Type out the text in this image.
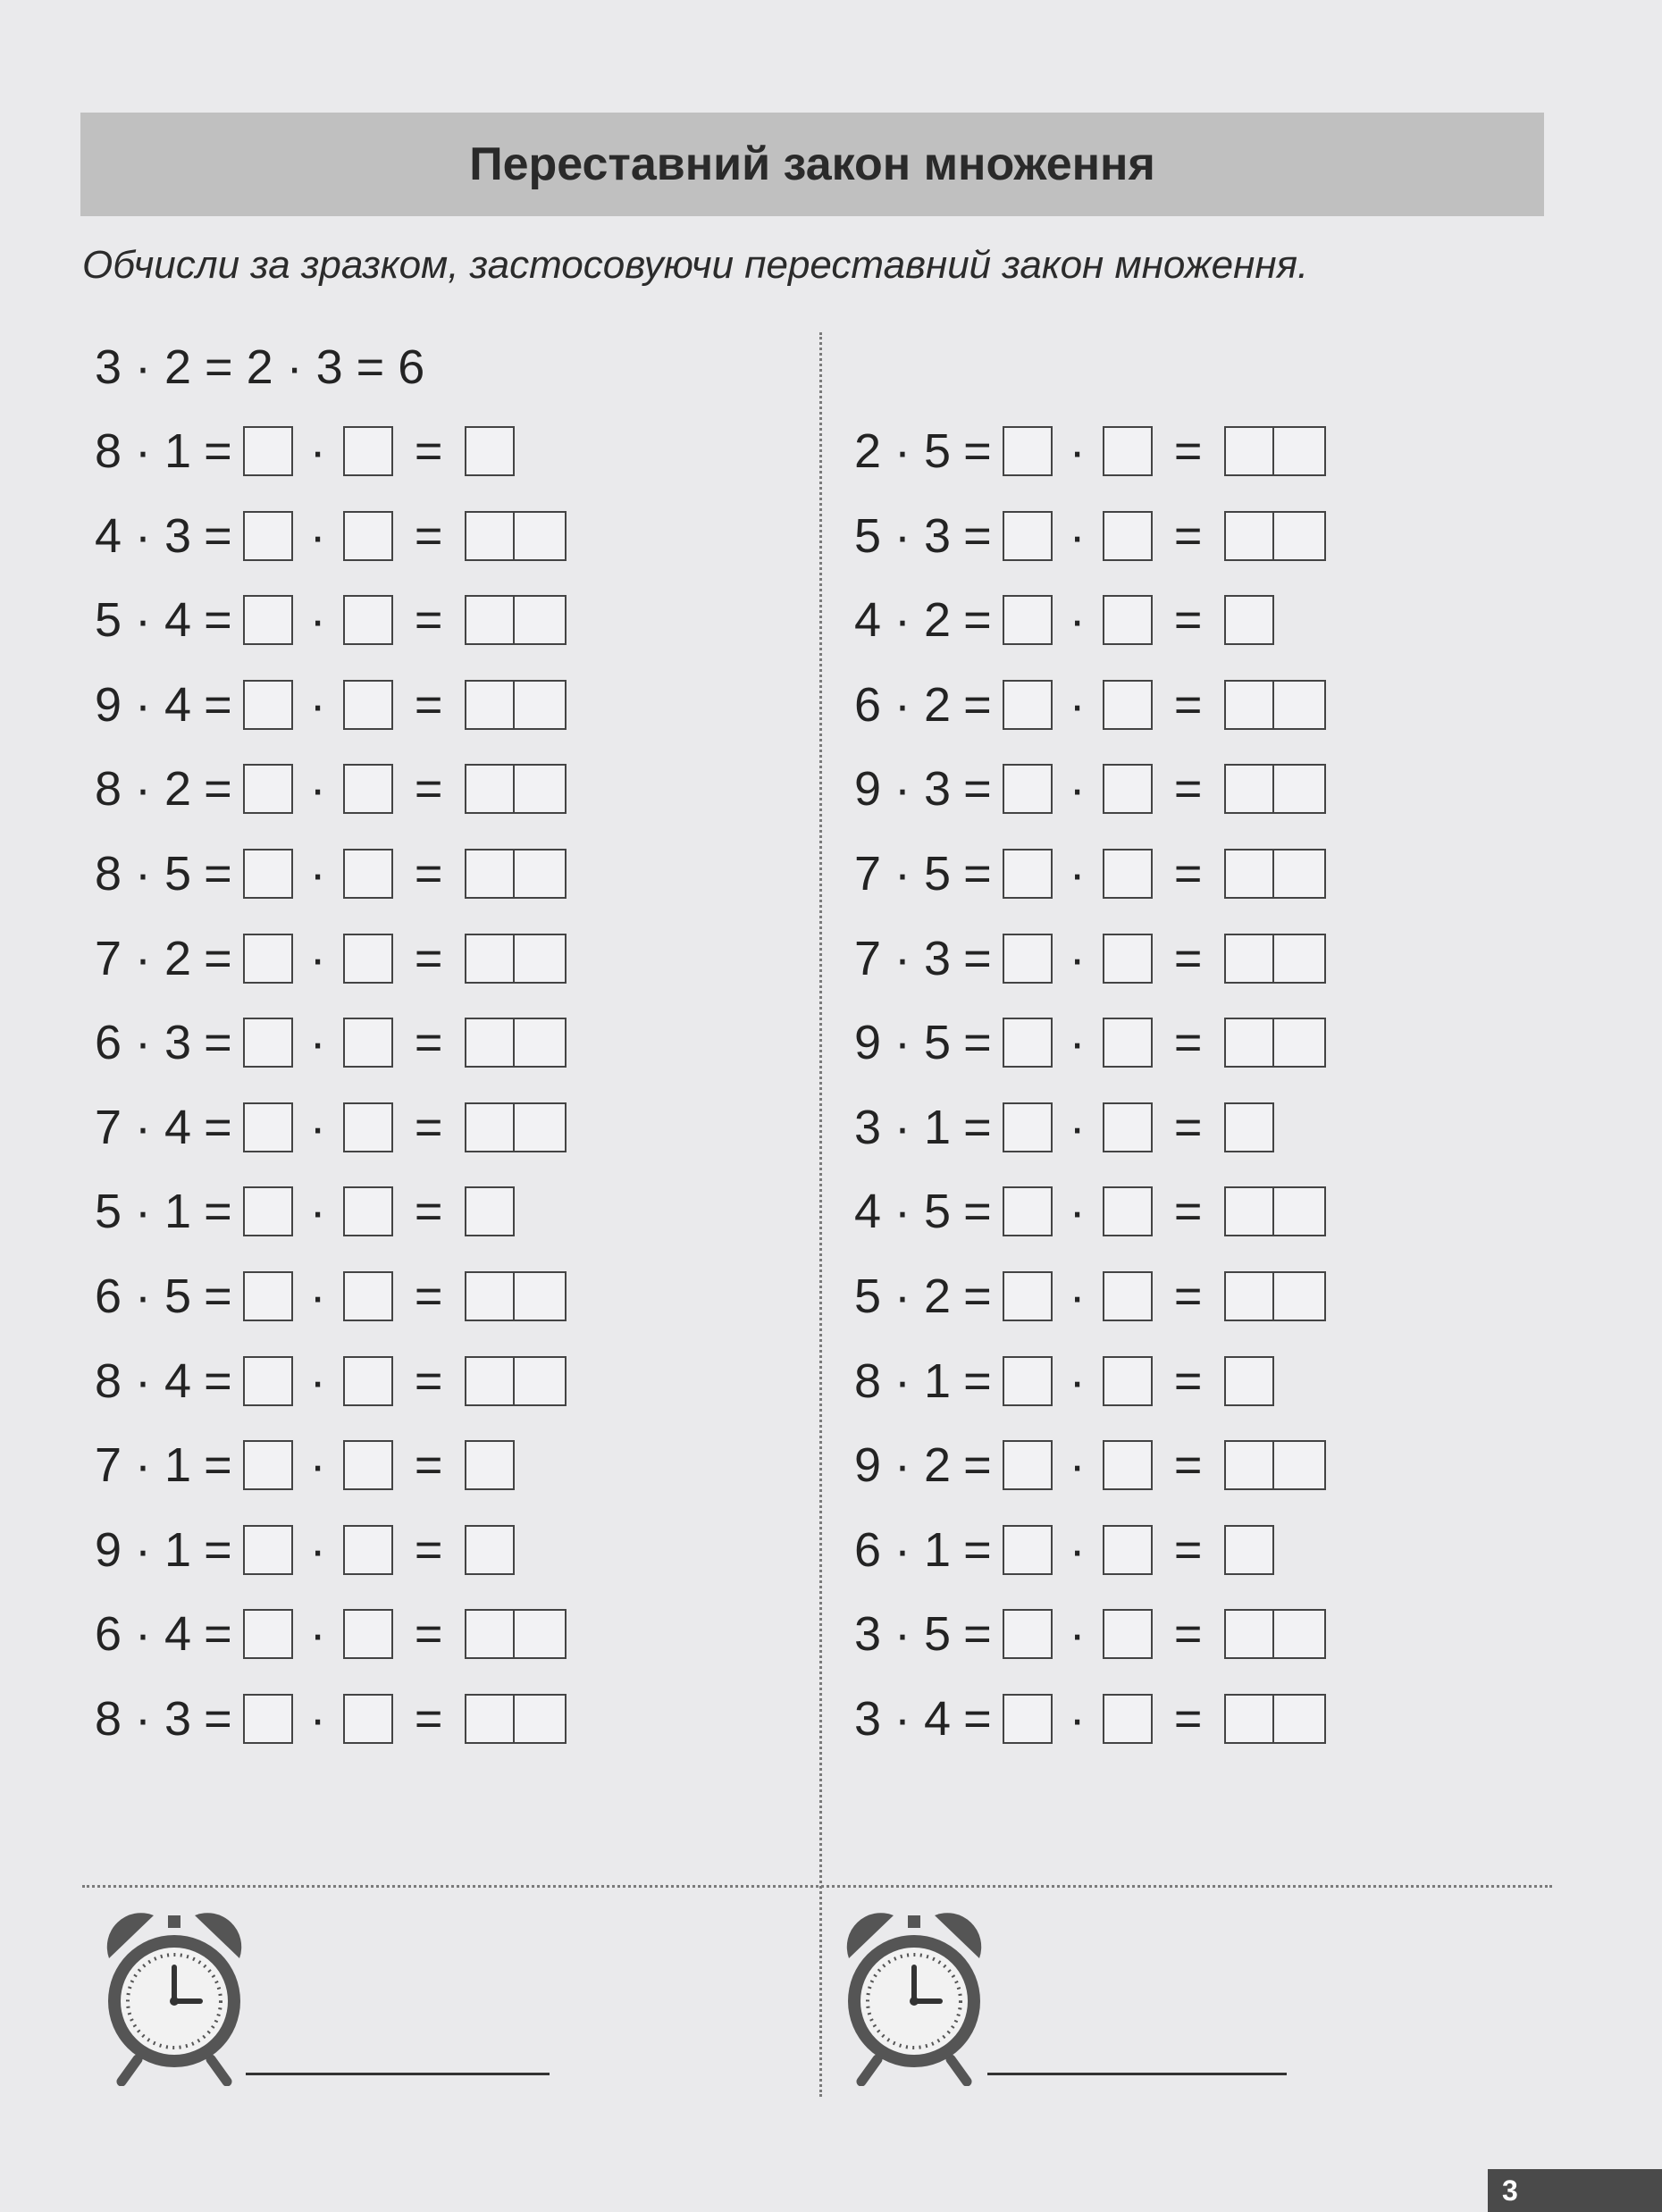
Переставний закон множення
Обчисли за зразком, застосовуючи переставний закон множення.
3 · 2 = 2 · 3 = 6
8 · 1 =	·	=
4 · 3 =	·	=
5 · 4 =	·	=
9 · 4 =	·	=
8 · 2 =	·	=
8 · 5 =	·	=
7 · 2 =	·	=
6 · 3 =	·	=
7 · 4 =	·	=
5 · 1 =	·	=
6 · 5 =	·	=
8 · 4 =	·	=
7 · 1 =	·	=
9 · 1 =	·	=
6 · 4 =	·	=
8 · 3 =	·	=
2 · 5 =	·	=
5 · 3 =	·	=
4 · 2 =	·	=
6 · 2 =	·	=
9 · 3 =	·	=
7 · 5 =	·	=
7 · 3 =	·	=
9 · 5 =	·	=
3 · 1 =	·	=
4 · 5 =	·	=
5 · 2 =	·	=
8 · 1 =	·	=
9 · 2 =	·	=
6 · 1 =	·	=
3 · 5 =	·	=
3 · 4 =	·	=
3
